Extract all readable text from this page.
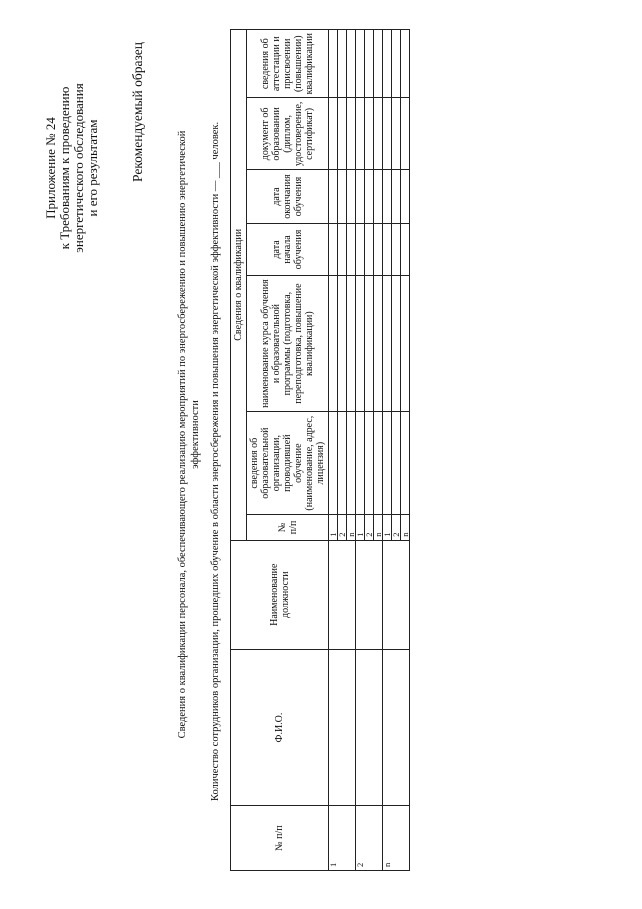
Приложение № 24 к Требованиям к проведению энергетического обследования и его результатам Рекомендуемый образец
Сведения о квалификации персонала, обеспечивающего реализацию мероприятий по энергосбережению и повышению энергетической эффективности Количество сотрудников организации, прошедших обучение в области энергосбережения и повышения энергетической эффективности — ___ человек.
№ п/п	Ф.И.О.	Наименование должности	Сведения о квалификации						
			№ п/п	сведения об образовательной организации, проводившей обучение (наименование, адрес, лицензия)	наименование курса обучения и образовательной программы (подготовка, переподготовка, повышение квалификации)	дата начала обучения	дата окончания обучения	документ об образовании (диплом, удостоверение, сертификат)	сведения об аттестации и присвоении (повышении) квалификации
1			1						
			2						
			n						
2			1						
			2						
			n						
n			1						
			2						
			n						
